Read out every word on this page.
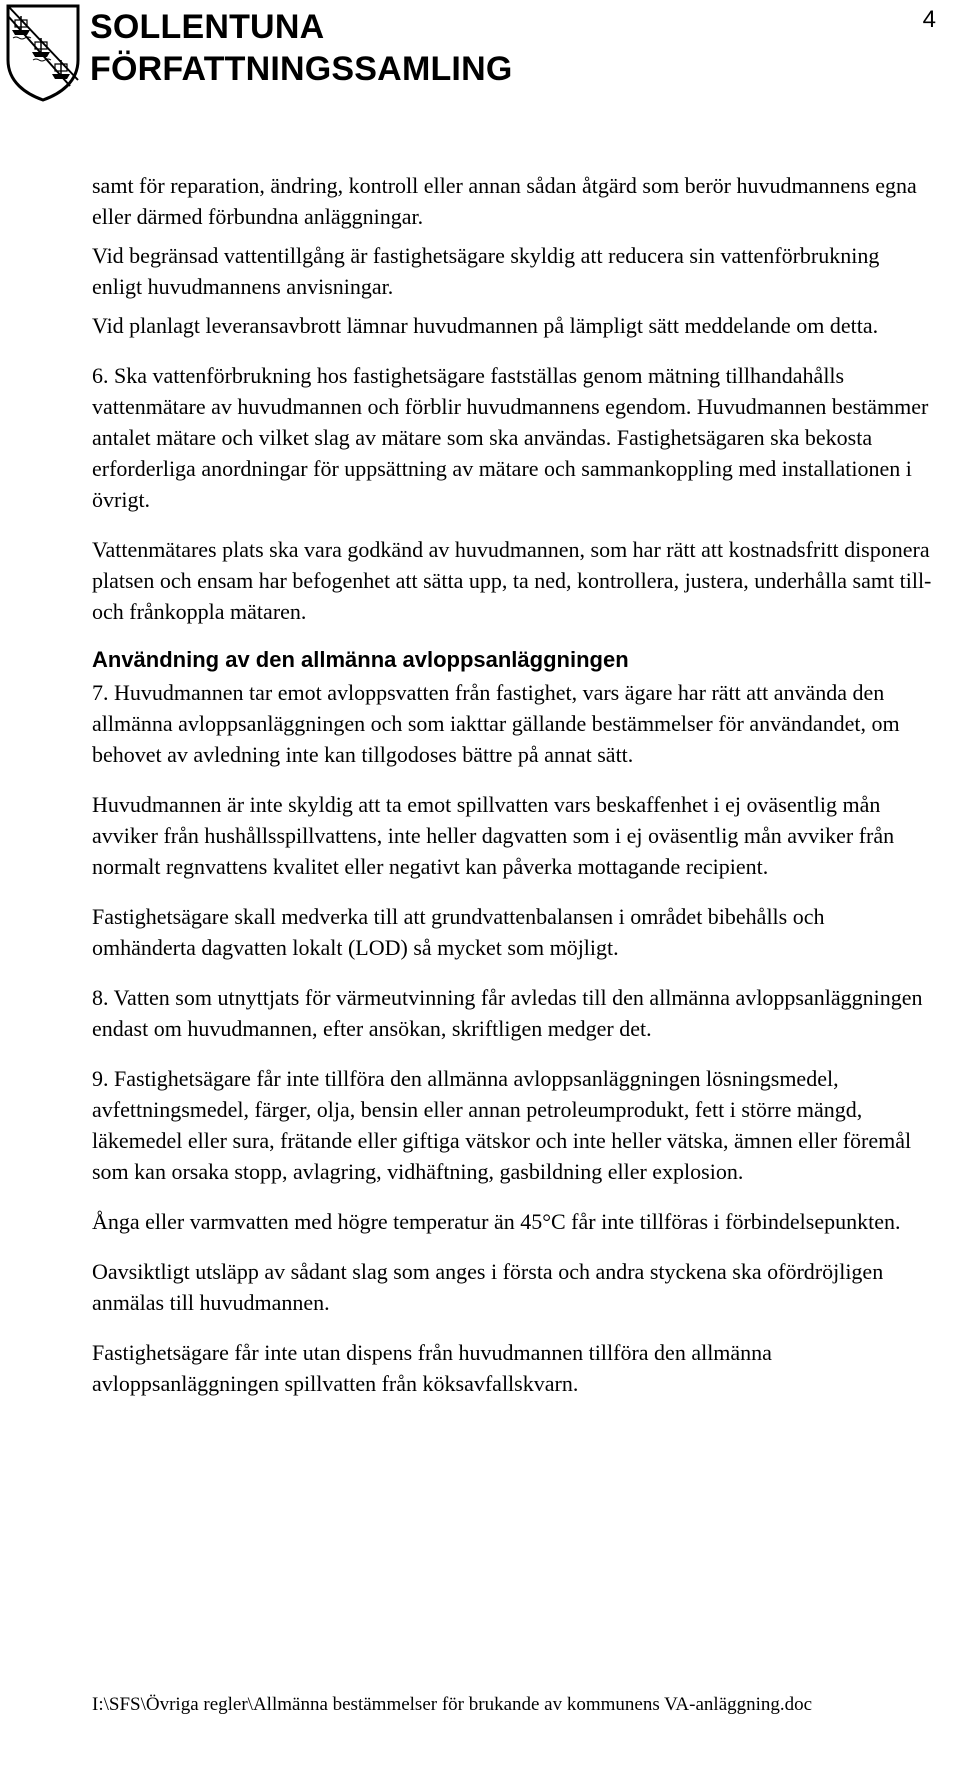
SOLLENTUNA
FÖRFATTNINGSSAMLING
4

samt för reparation, ändring, kontroll eller annan sådan åtgärd som berör huvudmannens egna eller därmed förbundna anläggningar.

Vid begränsad vattentillgång är fastighetsägare skyldig att reducera sin vattenförbrukning enligt huvudmannens anvisningar.

Vid planlagt leveransavbrott lämnar huvudmannen på lämpligt sätt meddelande om detta.

6. Ska vattenförbrukning hos fastighetsägare fastställas genom mätning tillhandahålls vattenmätare av huvudmannen och förblir huvudmannens egendom. Huvudmannen bestämmer antalet mätare och vilket slag av mätare som ska användas. Fastighetsägaren ska bekosta erforderliga anordningar för uppsättning av mätare och sammankoppling med installationen i övrigt.

Vattenmätares plats ska vara godkänd av huvudmannen, som har rätt att kostnadsfritt disponera platsen och ensam har befogenhet att sätta upp, ta ned, kontrollera, justera, underhålla samt till- och frånkoppla mätaren.

Användning av den allmänna avloppsanläggningen

7. Huvudmannen tar emot avloppsvatten från fastighet, vars ägare har rätt att använda den allmänna avloppsanläggningen och som iakttar gällande bestämmelser för användandet, om behovet av avledning inte kan tillgodoses bättre på annat sätt.

Huvudmannen är inte skyldig att ta emot spillvatten vars beskaffenhet i ej oväsentlig mån avviker från hushållsspillvattens, inte heller dagvatten som i ej oväsentlig mån avviker från normalt regnvattens kvalitet eller negativt kan påverka mottagande recipient.

Fastighetsägare skall medverka till att grundvattenbalansen i området bibehålls och omhänderta dagvatten lokalt (LOD) så mycket som möjligt.

8. Vatten som utnyttjats för värmeutvinning får avledas till den allmänna avloppsanläggningen endast om huvudmannen, efter ansökan, skriftligen medger det.

9. Fastighetsägare får inte tillföra den allmänna avloppsanläggningen lösningsmedel, avfettningsmedel, färger, olja, bensin eller annan petroleumprodukt, fett i större mängd, läkemedel eller sura, frätande eller giftiga vätskor och inte heller vätska, ämnen eller föremål som kan orsaka stopp, avlagring, vidhäftning, gasbildning eller explosion.

Ånga eller varmvatten med högre temperatur än 45°C får inte tillföras i förbindelsepunkten.

Oavsiktligt utsläpp av sådant slag som anges i första och andra styckena ska ofördröjligen anmälas till huvudmannen.

Fastighetsägare får inte utan dispens från huvudmannen tillföra den allmänna avloppsanläggningen spillvatten från köksavfallskvarn.

I:\SFS\Övriga regler\Allmänna bestämmelser för brukande av kommunens VA-anläggning.doc
